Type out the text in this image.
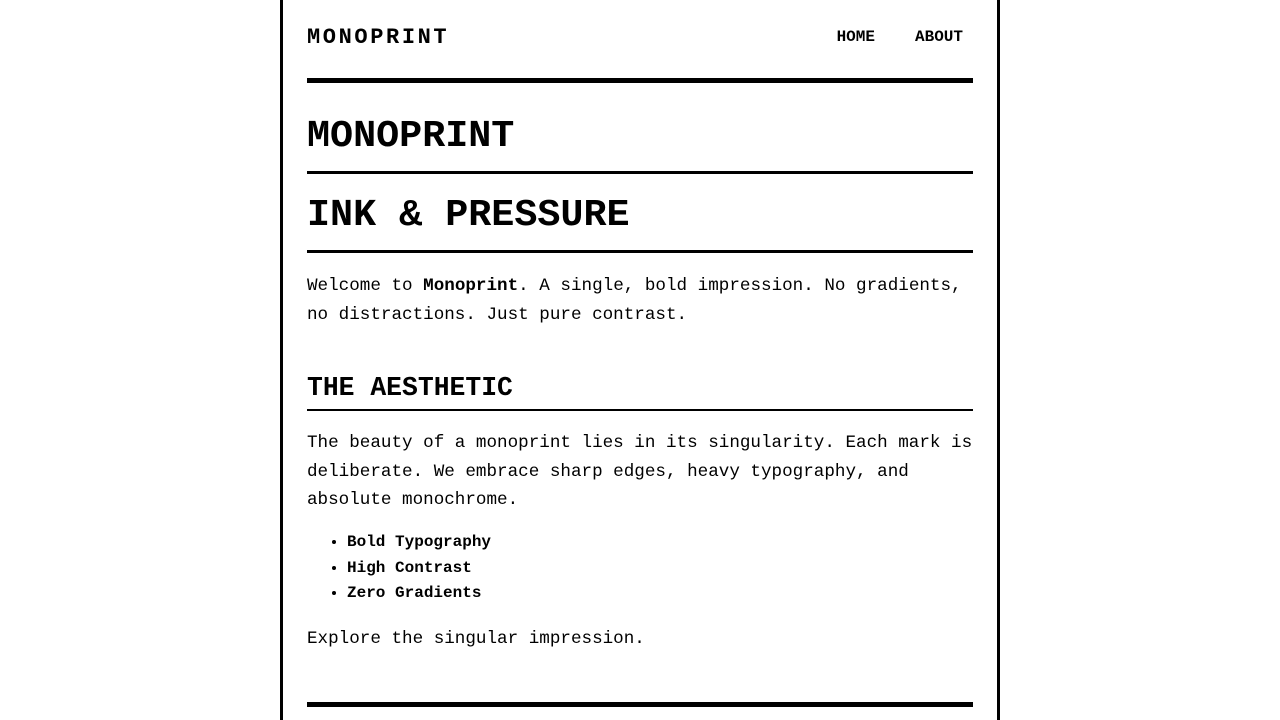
MONOPRINT	HOME	ABOUT
MONOPRINT
INK & PRESSURE

Welcome to Monoprint. A single, bold impression. No gradients, no distractions. Just pure contrast.

THE AESTHETIC

The beauty of a monoprint lies in its singularity. Each mark is deliberate. We embrace sharp edges, heavy typography, and absolute monochrome.

• Bold Typography
• High Contrast
• Zero Gradients

Explore the singular impression.
